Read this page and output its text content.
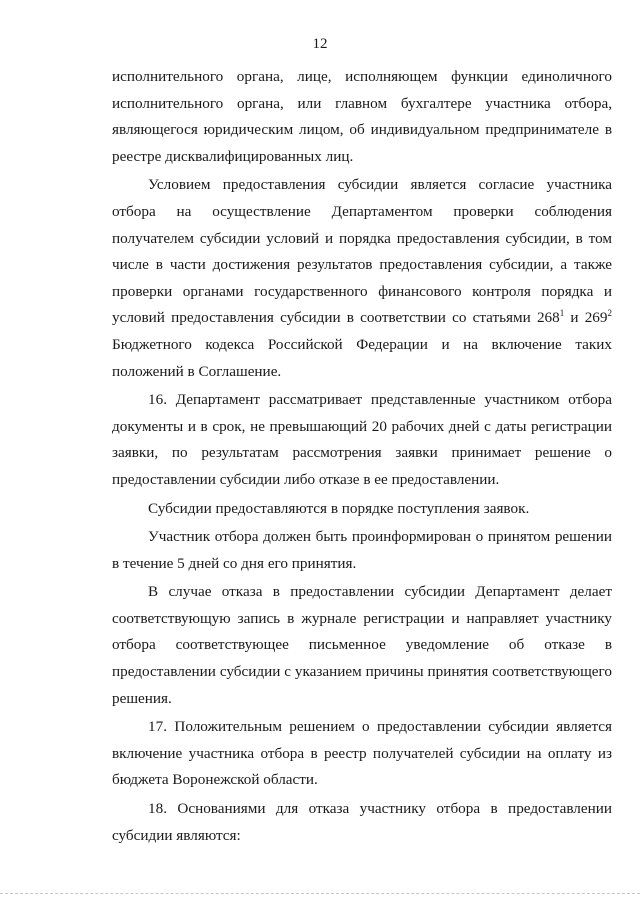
12

исполнительного органа, лице, исполняющем функции единоличного исполнительного органа, или главном бухгалтере участника отбора, являющегося юридическим лицом, об индивидуальном предпринимателе в реестре дисквалифицированных лиц.

Условием предоставления субсидии является согласие участника отбора на осуществление Департаментом проверки соблюдения получателем субсидии условий и порядка предоставления субсидии, в том числе в части достижения результатов предоставления субсидии, а также проверки органами государственного финансового контроля порядка и условий предоставления субсидии в соответствии со статьями $268^1$ и $269^2$ Бюджетного кодекса Российской Федерации и на включение таких положений в Соглашение.

16. Департамент рассматривает представленные участником отбора документы и в срок, не превышающий 20 рабочих дней с даты регистрации заявки, по результатам рассмотрения заявки принимает решение о предоставлении субсидии либо отказе в ее предоставлении.

Субсидии предоставляются в порядке поступления заявок.

Участник отбора должен быть проинформирован о принятом решении в течение 5 дней со дня его принятия.

В случае отказа в предоставлении субсидии Департамент делает соответствующую запись в журнале регистрации и направляет участнику отбора соответствующее письменное уведомление об отказе в предоставлении субсидии с указанием причины принятия соответствующего решения.

17. Положительным решением о предоставлении субсидии является включение участника отбора в реестр получателей субсидии на оплату из бюджета Воронежской области.

18. Основаниями для отказа участнику отбора в предоставлении субсидии являются:
